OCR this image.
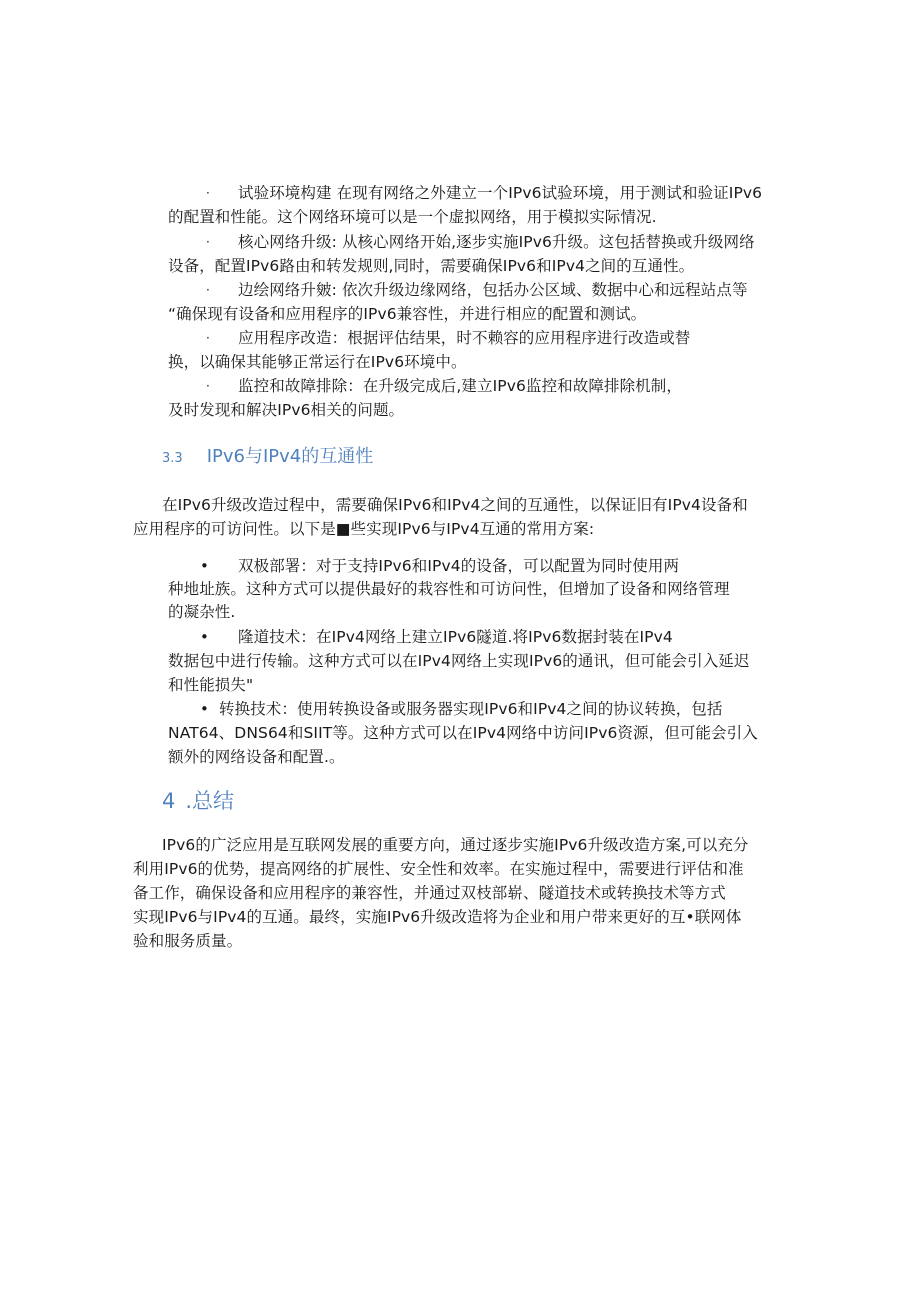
· 试验环境构建 在现有网络之外建立一个IPv6试验环境，用于测试和验证IPv6
的配置和性能。这个网络环境可以是一个虚拟网络，用于模拟实际情况.
· 核心网络升级: 从核心网络开始,逐步实施IPv6升级。这包括替换或升级网络
设备，配置IPv6路由和转发规则,同时，需要确保IPv6和IPv4之间的互通性。
· 边绘网络升皴: 依次升级边缘网络，包括办公区域、数据中心和远程站点等
“确保现有设备和应用程序的IPv6兼容性，并进行相应的配置和测试。
· 应用程序改造：根据评估结果，时不赖容的应用程序进行改造或替
换，以确保其能够正常运行在IPv6环境中。
· 监控和故障排除：在升级完成后,建立IPv6监控和故障排除机制，
及时发现和解决IPv6相关的问题。
3.3 IPv6与IPv4的互通性
在IPv6升级改造过程中，需要确保IPv6和IPv4之间的互通性，以保证旧有IPv4设备和
应用程序的可访问性。以下是■些实现IPv6与IPv4互通的常用方案:
• 双极部署：对于支持IPv6和IPv4的设备，可以配置为同时使用两
种地址族。这种方式可以提供最好的栽容性和可访问性，但增加了设备和网络管理
的凝杂性.
• 隆道技术：在IPv4网络上建立IPv6隧道.将IPv6数据封装在IPv4
数据包中进行传输。这种方式可以在IPv4网络上实现IPv6的通讯，但可能会引入延迟
和性能损失"
• 转换技术：使用转换设备或服务器实现IPv6和IPv4之间的协议转换，包括
NAT64、DNS64和SIIT等。这种方式可以在IPv4网络中访问IPv6资源，但可能会引入
额外的网络设备和配置.。
4 .总结
IPv6的广泛应用是互联网发展的重要方向，通过逐步实施IPv6升级改造方案,可以充分
利用IPv6的优势，提高网络的扩展性、安全性和效率。在实施过程中，需要进行评估和准
备工作，确保设备和应用程序的兼容性，并通过双枝部崭、隧道技术或转换技术等方式
实现IPv6与IPv4的互通。最终，实施IPv6升级改造将为企业和用户带来更好的互•联网体
验和服务质量。
